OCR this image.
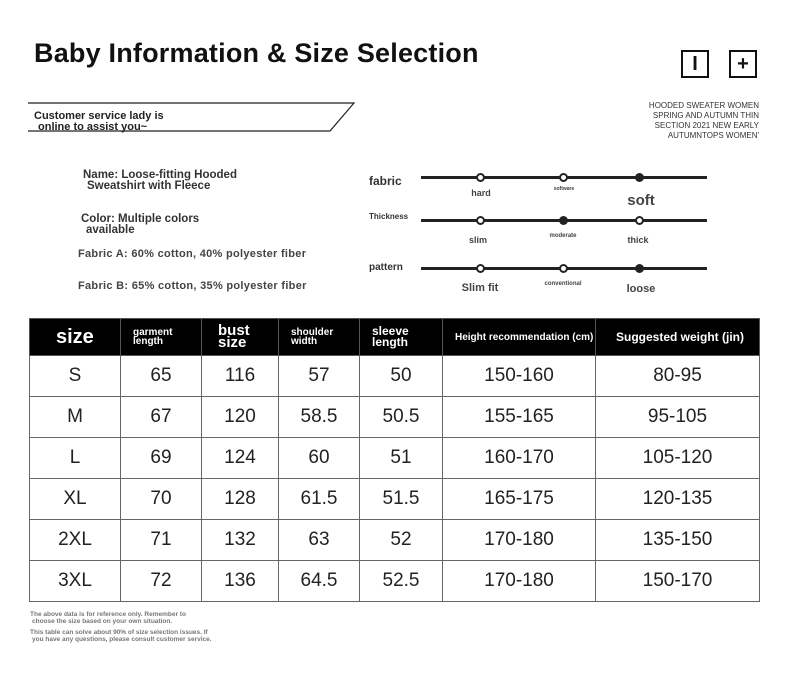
Baby Information & Size Selection	I	+
Customer service lady is
online to assist you~
HOODED SWEATER WOMEN SPRING AND AUTUMN THIN SECTION 2021 NEW EARLY AUTUMNTOPS WOMEN'
Name: Loose-fitting Hooded
Sweatshirt with Fleece
Color: Multiple colors
available
Fabric A: 60% cotton, 40% polyester fiber
Fabric B: 65% cotton, 35% polyester fiber
fabric
hard	software
soft
Thickness
slim	moderate	thick
pattern
Slim fit	conventional	loose
size	garment length	bust size	shoulder width	sleeve length	Height recommendation (cm)	Suggested weight (jin)
S	65	116	57	50	150-160	80-95
M	67	120	58.5	50.5	155-165	95-105
L	69	124	60	51	160-170	105-120
XL	70	128	61.5	51.5	165-175	120-135
2XL	71	132	63	52	170-180	135-150
3XL	72	136	64.5	52.5	170-180	150-170
The above data is for reference only. Remember to
choose the size based on your own situation.
This table can solve about 90% of size selection issues. If
you have any questions, please consult customer service.
